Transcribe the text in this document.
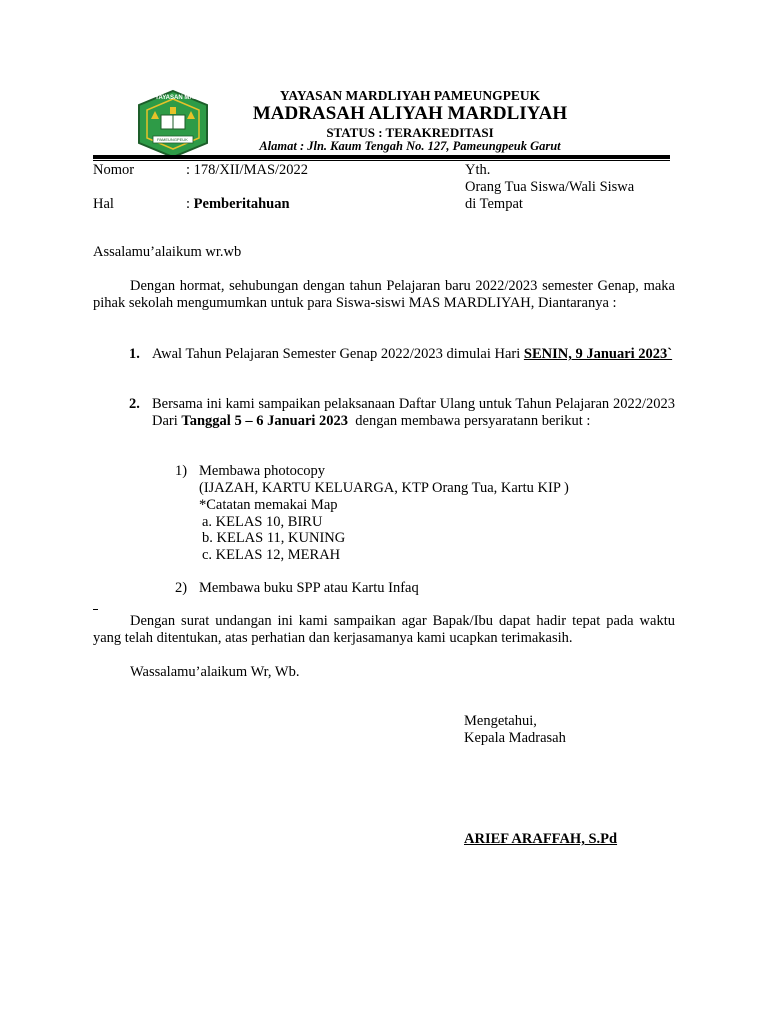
YAYASAN MARDLIYAH
PAMEUNGPEUK
YAYASAN MARDLIYAH PAMEUNGPEUK
MADRASAH ALIYAH MARDLIYAH
STATUS : TERAKREDITASI
Alamat : Jln. Kaum Tengah No. 127, Pameungpeuk Garut
Nomor	: 178/XII/MAS/2022
Hal	: Pemberitahuan
Yth.
Orang Tua Siswa/Wali Siswa
di Tempat
Assalamu’alaikum wr.wb
Dengan hormat, sehubungan dengan tahun Pelajaran baru 2022/2023 semester Genap, maka pihak sekolah mengumumkan untuk para Siswa-siswi MAS MARDLIYAH, Diantaranya :
1. Awal Tahun Pelajaran Semester Genap 2022/2023 dimulai Hari SENIN, 9 Januari 2023`
2. Bersama ini kami sampaikan pelaksanaan Daftar Ulang untuk Tahun Pelajaran 2022/2023 Dari Tanggal 5 – 6 Januari 2023  dengan membawa persyaratann berikut :
1) Membawa photocopy
(IJAZAH, KARTU KELUARGA, KTP Orang Tua, Kartu KIP )
*Catatan memakai Map
a. KELAS 10, BIRU
b. KELAS 11, KUNING
c. KELAS 12, MERAH
2) Membawa buku SPP atau Kartu Infaq
Dengan surat undangan ini kami sampaikan agar Bapak/Ibu dapat hadir tepat pada waktu yang telah ditentukan, atas perhatian dan kerjasamanya kami ucapkan terimakasih.
Wassalamu’alaikum Wr, Wb.
Mengetahui,
Kepala Madrasah
ARIEF ARAFFAH, S.Pd
